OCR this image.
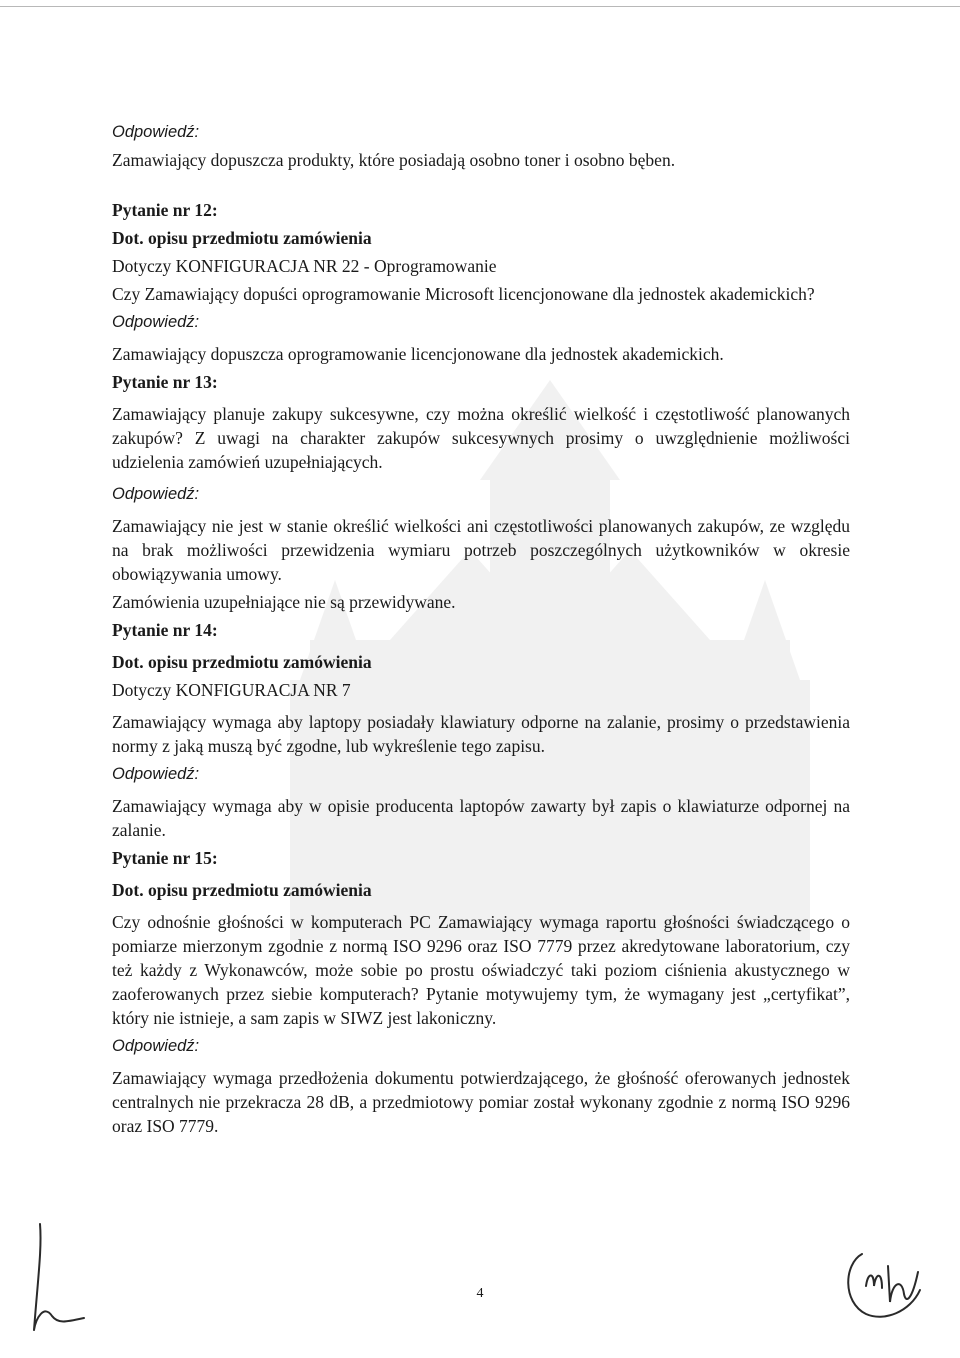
Odpowiedź:

Zamawiający dopuszcza produkty, które posiadają osobno toner i osobno bęben.

Pytanie nr 12:

Dot. opisu przedmiotu zamówienia

Dotyczy KONFIGURACJA NR 22 - Oprogramowanie

Czy Zamawiający dopuści oprogramowanie Microsoft licencjonowane dla jednostek akademickich?

Odpowiedź:

Zamawiający dopuszcza oprogramowanie licencjonowane dla jednostek akademickich.

Pytanie nr 13:

Zamawiający planuje zakupy sukcesywne, czy można określić wielkość i częstotliwość planowanych zakupów? Z uwagi na charakter zakupów sukcesywnych prosimy o uwzględnienie możliwości udzielenia zamówień uzupełniających.

Odpowiedź:

Zamawiający nie jest w stanie określić wielkości ani częstotliwości planowanych zakupów, ze względu na brak możliwości przewidzenia wymiaru potrzeb poszczególnych użytkowników w okresie obowiązywania umowy.

Zamówienia uzupełniające nie są przewidywane.

Pytanie nr 14:

Dot. opisu przedmiotu zamówienia

Dotyczy KONFIGURACJA NR 7

Zamawiający wymaga aby laptopy posiadały klawiatury odporne na zalanie, prosimy o przedstawienia normy z jaką muszą być zgodne, lub wykreślenie tego zapisu.

Odpowiedź:

Zamawiający wymaga aby w opisie producenta laptopów zawarty był zapis o klawiaturze odpornej na zalanie.

Pytanie nr 15:

Dot. opisu przedmiotu zamówienia

Czy odnośnie głośności w komputerach PC Zamawiający wymaga raportu głośności świadczącego o pomiarze mierzonym zgodnie z normą ISO 9296 oraz ISO 7779 przez akredytowane laboratorium, czy też każdy z Wykonawców, może sobie po prostu oświadczyć taki poziom ciśnienia akustycznego w zaoferowanych przez siebie komputerach? Pytanie motywujemy tym, że wymagany jest „certyfikat”, który nie istnieje, a sam zapis w SIWZ jest lakoniczny.

Odpowiedź:

Zamawiający wymaga przedłożenia dokumentu potwierdzającego, że głośność oferowanych jednostek centralnych nie przekracza 28 dB, a przedmiotowy pomiar został wykonany zgodnie z normą ISO 9296 oraz ISO 7779.

4
